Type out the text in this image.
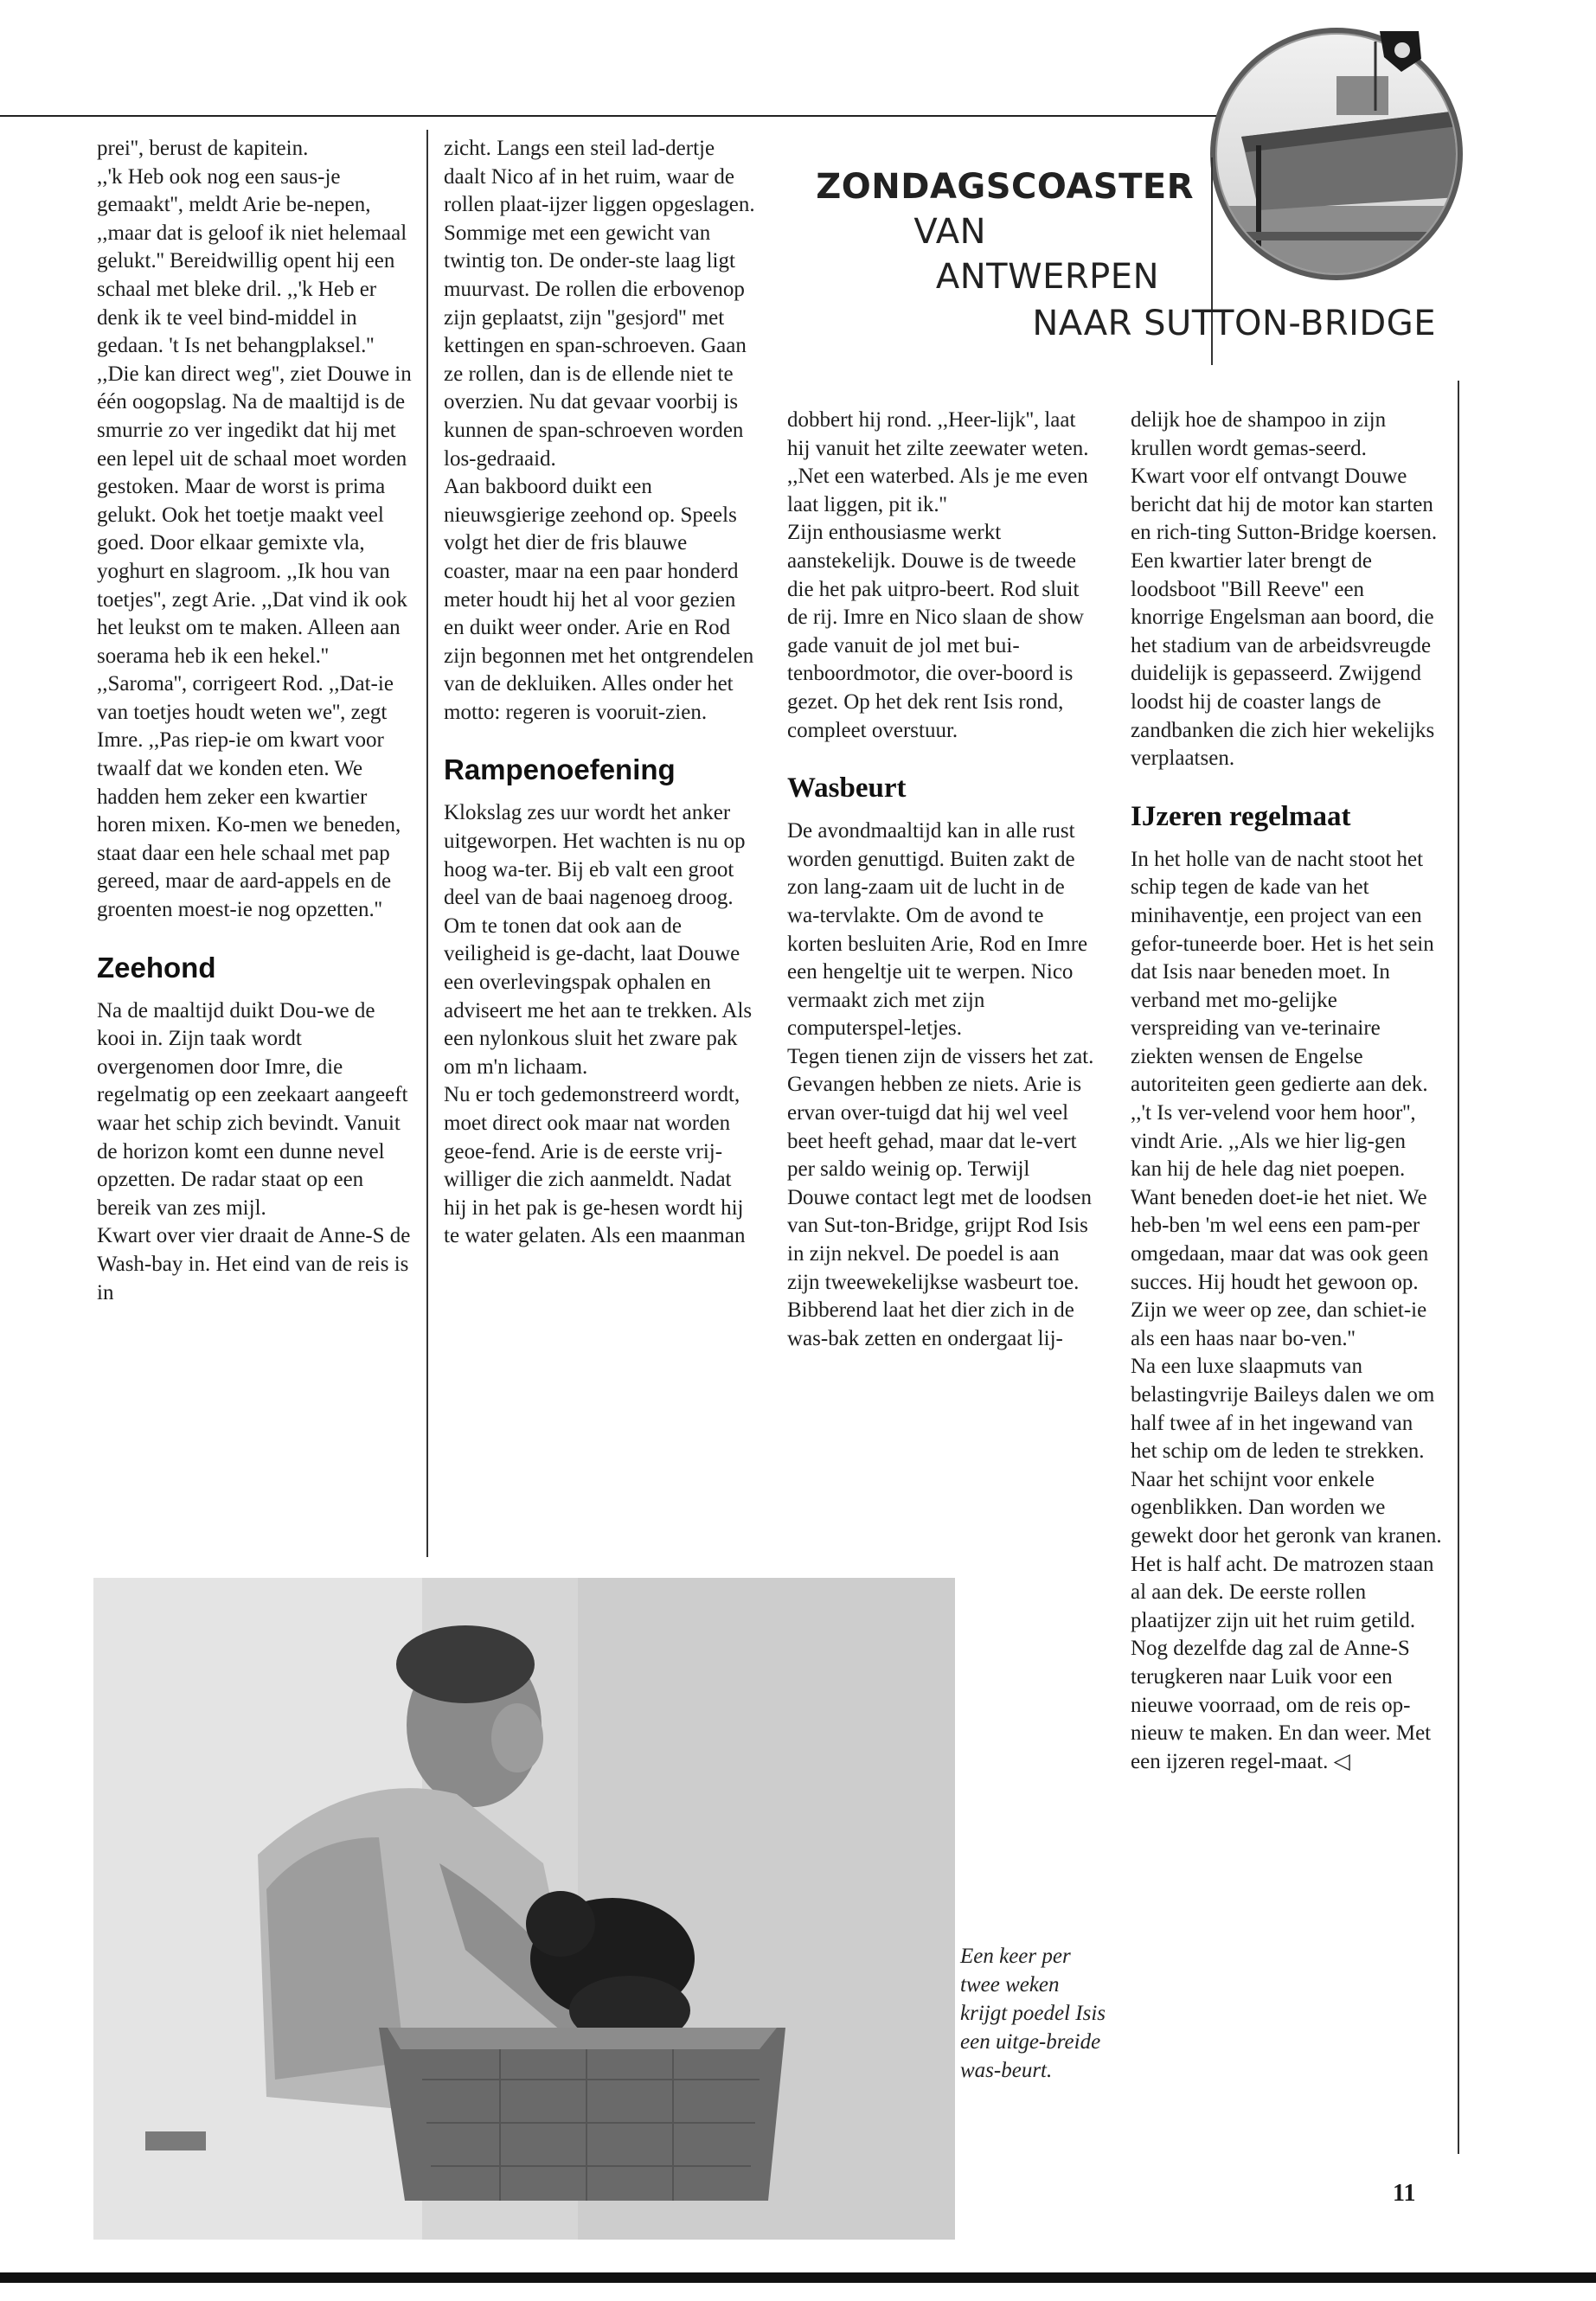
ZONDAGSCOASTER
VAN
ANTWERPEN
NAAR SUTTON-BRIDGE

prei'', berust de kapitein.

,,'k Heb ook nog een saus-je gemaakt'', meldt Arie be-nepen, ,,maar dat is geloof ik niet helemaal gelukt.'' Bereidwillig opent hij een schaal met bleke dril. ,,'k Heb er denk ik te veel bind-middel in gedaan. 't Is net behangplaksel.''

,,Die kan direct weg'', ziet Douwe in één oogopslag. Na de maaltijd is de smurrie zo ver ingedikt dat hij met een lepel uit de schaal moet worden gestoken. Maar de worst is prima gelukt. Ook het toetje maakt veel goed. Door elkaar gemixte vla, yoghurt en slagroom. ,,Ik hou van toetjes'', zegt Arie. ,,Dat vind ik ook het leukst om te maken. Alleen aan soerama heb ik een hekel.''

,,Saroma'', corrigeert Rod. ,,Dat-ie van toetjes houdt weten we'', zegt Imre. ,,Pas riep-ie om kwart voor twaalf dat we konden eten. We hadden hem zeker een kwartier horen mixen. Ko-men we beneden, staat daar een hele schaal met pap gereed, maar de aard-appels en de groenten moest-ie nog opzetten.''

Zeehond

Na de maaltijd duikt Dou-we de kooi in. Zijn taak wordt overgenomen door Imre, die regelmatig op een zeekaart aangeeft waar het schip zich bevindt. Vanuit de horizon komt een dunne nevel opzetten. De radar staat op een bereik van zes mijl.

Kwart over vier draait de Anne-S de Wash-bay in. Het eind van de reis is in

zicht. Langs een steil lad-dertje daalt Nico af in het ruim, waar de rollen plaat-ijzer liggen opgeslagen. Sommige met een gewicht van twintig ton. De onder-ste laag ligt muurvast. De rollen die erbovenop zijn geplaatst, zijn ''gesjord'' met kettingen en span-schroeven. Gaan ze rollen, dan is de ellende niet te overzien. Nu dat gevaar voorbij is kunnen de span-schroeven worden los-gedraaid.

Aan bakboord duikt een nieuwsgierige zeehond op. Speels volgt het dier de fris blauwe coaster, maar na een paar honderd meter houdt hij het al voor gezien en duikt weer onder. Arie en Rod zijn begonnen met het ontgrendelen van de dekluiken. Alles onder het motto: regeren is vooruit-zien.

Rampenoefening

Klokslag zes uur wordt het anker uitgeworpen. Het wachten is nu op hoog wa-ter. Bij eb valt een groot deel van de baai nagenoeg droog. Om te tonen dat ook aan de veiligheid is ge-dacht, laat Douwe een overlevingspak ophalen en adviseert me het aan te trekken. Als een nylonkous sluit het zware pak om m'n lichaam.

Nu er toch gedemonstreerd wordt, moet direct ook maar nat worden geoe-fend. Arie is de eerste vrij-williger die zich aanmeldt. Nadat hij in het pak is ge-hesen wordt hij te water gelaten. Als een maanman

dobbert hij rond. ,,Heer-lijk'', laat hij vanuit het zilte zeewater weten. ,,Net een waterbed. Als je me even laat liggen, pit ik.''

Zijn enthousiasme werkt aanstekelijk. Douwe is de tweede die het pak uitpro-beert. Rod sluit de rij. Imre en Nico slaan de show gade vanuit de jol met bui-tenboordmotor, die over-boord is gezet. Op het dek rent Isis rond, compleet overstuur.

Wasbeurt

De avondmaaltijd kan in alle rust worden genuttigd. Buiten zakt de zon lang-zaam uit de lucht in de wa-tervlakte. Om de avond te korten besluiten Arie, Rod en Imre een hengeltje uit te werpen. Nico vermaakt zich met zijn computerspel-letjes.

Tegen tienen zijn de vissers het zat. Gevangen hebben ze niets. Arie is ervan over-tuigd dat hij wel veel beet heeft gehad, maar dat le-vert per saldo weinig op. Terwijl Douwe contact legt met de loodsen van Sut-ton-Bridge, grijpt Rod Isis in zijn nekvel. De poedel is aan zijn tweewekelijkse wasbeurt toe. Bibberend laat het dier zich in de was-bak zetten en ondergaat lij-

delijk hoe de shampoo in zijn krullen wordt gemas-seerd.

Kwart voor elf ontvangt Douwe bericht dat hij de motor kan starten en rich-ting Sutton-Bridge koersen. Een kwartier later brengt de loodsboot ''Bill Reeve'' een knorrige Engelsman aan boord, die het stadium van de arbeidsvreugde duidelijk is gepasseerd. Zwijgend loodst hij de coaster langs de zandbanken die zich hier wekelijks verplaatsen.

IJzeren regelmaat

In het holle van de nacht stoot het schip tegen de kade van het minihaventje, een project van een gefor-tuneerde boer. Het is het sein dat Isis naar beneden moet. In verband met mo-gelijke verspreiding van ve-terinaire ziekten wensen de Engelse autoriteiten geen gedierte aan dek. ,,'t Is ver-velend voor hem hoor'', vindt Arie. ,,Als we hier lig-gen kan hij de hele dag niet poepen. Want beneden doet-ie het niet. We heb-ben 'm wel eens een pam-per omgedaan, maar dat was ook geen succes. Hij houdt het gewoon op. Zijn we weer op zee, dan schiet-ie als een haas naar bo-ven.''

Na een luxe slaapmuts van belastingvrije Baileys dalen we om half twee af in het ingewand van het schip om de leden te strekken. Naar het schijnt voor enkele ogenblikken. Dan worden we gewekt door het geronk van kranen. Het is half acht. De matrozen staan al aan dek. De eerste rollen plaatijzer zijn uit het ruim getild. Nog dezelfde dag zal de Anne-S terugkeren naar Luik voor een nieuwe voorraad, om de reis op-nieuw te maken. En dan weer. Met een ijzeren regel-maat. ◁

Een keer per twee weken krijgt poedel Isis een uitge-breide was-beurt.
11
